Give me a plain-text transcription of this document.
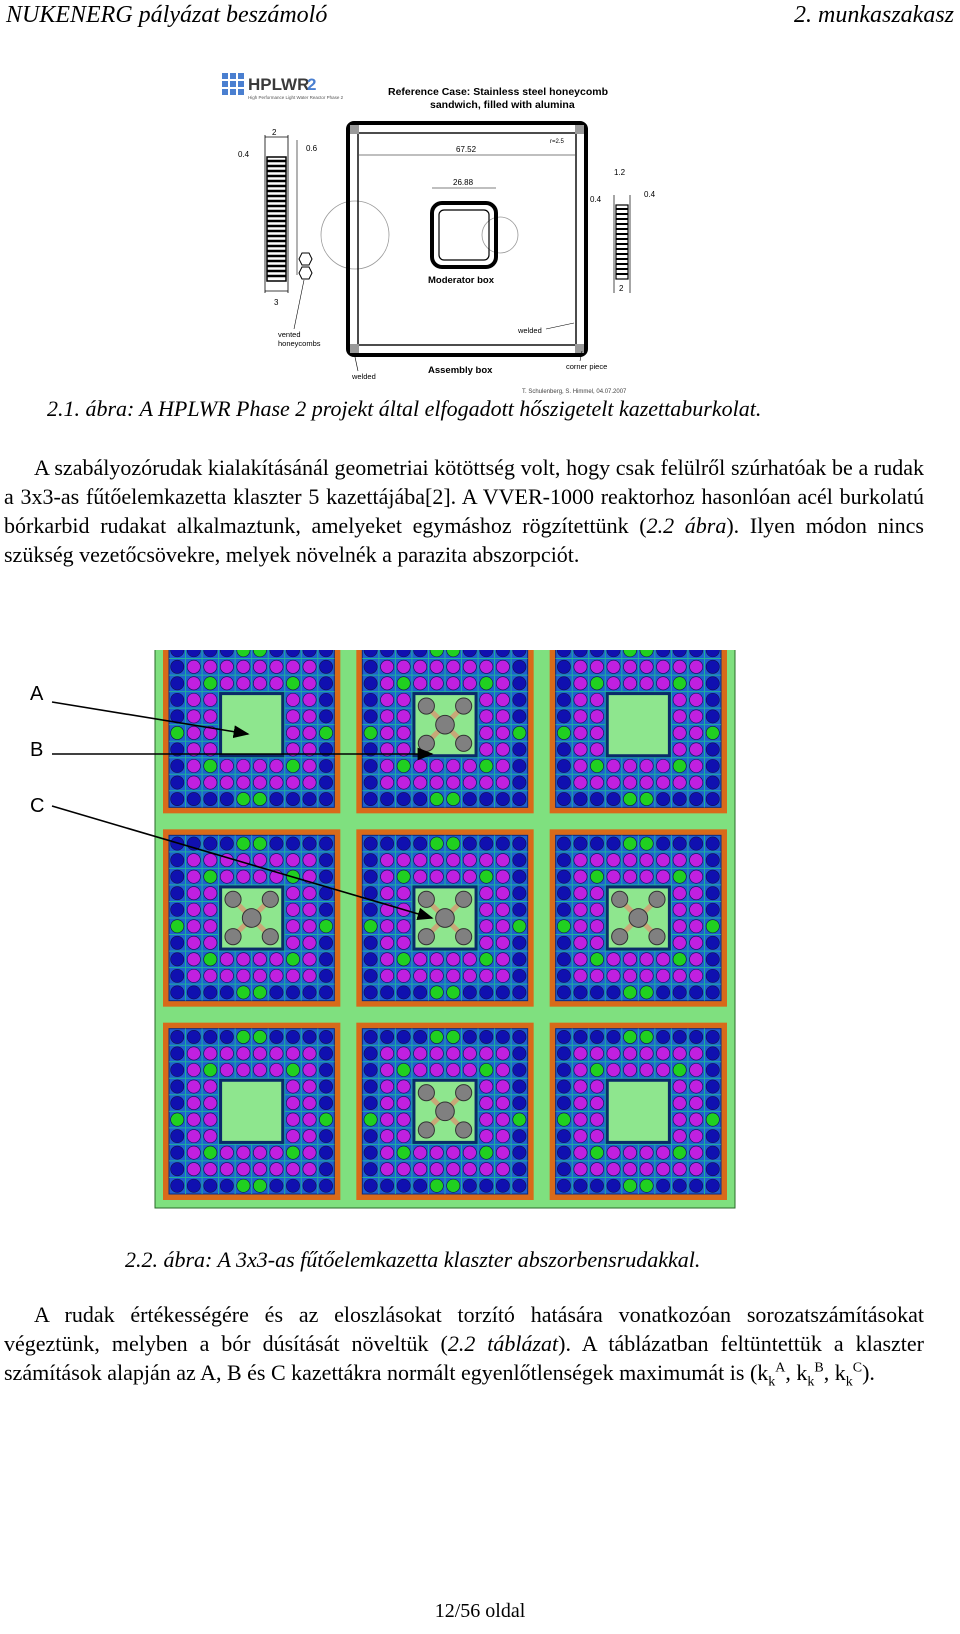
NUKENERG pályázat beszámoló	2. munkaszakasz
HPLWR
2
High Performance Light Water Reactor Phase 2	Reference Case: Stainless steel honeycomb
sandwich, filled with alumina
2
0.4
0.6
3
67.52
r=2.5
26.88
Moderator box
1.2
0.4
0.4
2
vented
honeycombs
welded
welded
corner piece
Assembly box
T. Schulenberg, S. Himmel, 04.07.2007
2.1. ábra: A HPLWR Phase 2 projekt által elfogadott hőszigetelt kazettaburkolat.

A szabályozórudak kialakításánál geometriai kötöttség volt, hogy csak felülről szúrhatóak be a rudak a 3x3-as fűtőelemkazetta klaszter 5 kazettájába[2]. A VVER-1000 reaktorhoz hasonlóan acél burkolatú bórkarbid rudakat alkalmaztunk, amelyeket egymáshoz rögzítettünk (2.2 ábra). Ilyen módon nincs szükség vezetőcsövekre, melyek növelnék a parazita abszorpciót.

A
B
C
2.2. ábra: A 3x3-as fűtőelemkazetta klaszter abszorbensrudakkal.

A rudak értékességére és az eloszlásokat torzító hatására vonatkozóan sorozatszámításokat végeztünk, melyben a bór dúsítását növeltük (2.2 táblázat). A táblázatban feltüntettük a klaszter számítások alapján az A, B és C kazettákra normált egyenlőtlenségek maximumát is ($k_k^A$, $k_k^B$, $k_k^C$).

12/56 oldal
